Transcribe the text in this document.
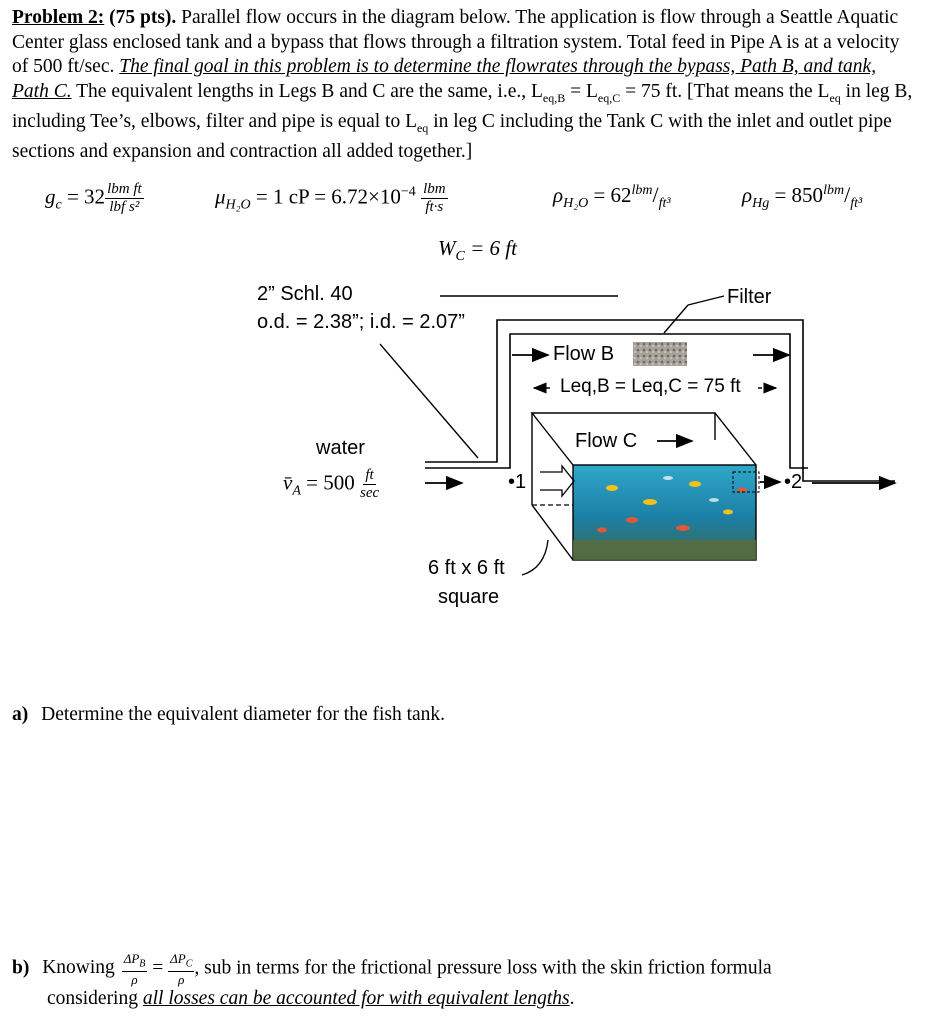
Problem 2: (75 pts). Parallel flow occurs in the diagram below. The application is flow through a Seattle Aquatic Center glass enclosed tank and a bypass that flows through a filtration system. Total feed in Pipe A is at a velocity of 500 ft/sec. The final goal in this problem is to determine the flowrates through the bypass, Path B, and tank, Path C. The equivalent lengths in Legs B and C are the same, i.e., $L_{eq,B} = L_{eq,C} = 75$ ft. [That means the $L_{eq}$ in leg B, including Tee’s, elbows, filter and pipe is equal to $L_{eq}$ in leg C including the Tank C with the inlet and outlet pipe sections and expansion and contraction all added together.]
$g_c = 32 \frac{\text{lbm ft}}{\text{lbf s²}}$	$\mu_{H_2O} = 1$ cP = $6.72\times 10^{-4} \frac{\text{lbm}}{ft\cdot s}$	$\rho_{H_2O} = 62^{lbm}/_{ft^3}$	$\rho_{Hg} = 850^{lbm}/_{ft^3}$
$W_C = 6$ ft
2” Schl. 40
o.d. = 2.38”; i.d. = 2.07”
Filter
Flow B
Leq,B = Leq,C = 75 ft
Flow C
water
$v̄_A = 500 \frac{ft}{\sec}$	•1	•2
6 ft x 6 ft
square
a) Determine the equivalent diameter for the fish tank.
b) Knowing $\frac{\Delta P_B}{\rho} = \frac{\Delta P_C}{\rho}$ , sub in terms for the frictional pressure loss with the skin friction formula
considering all losses can be accounted for with equivalent lengths.
